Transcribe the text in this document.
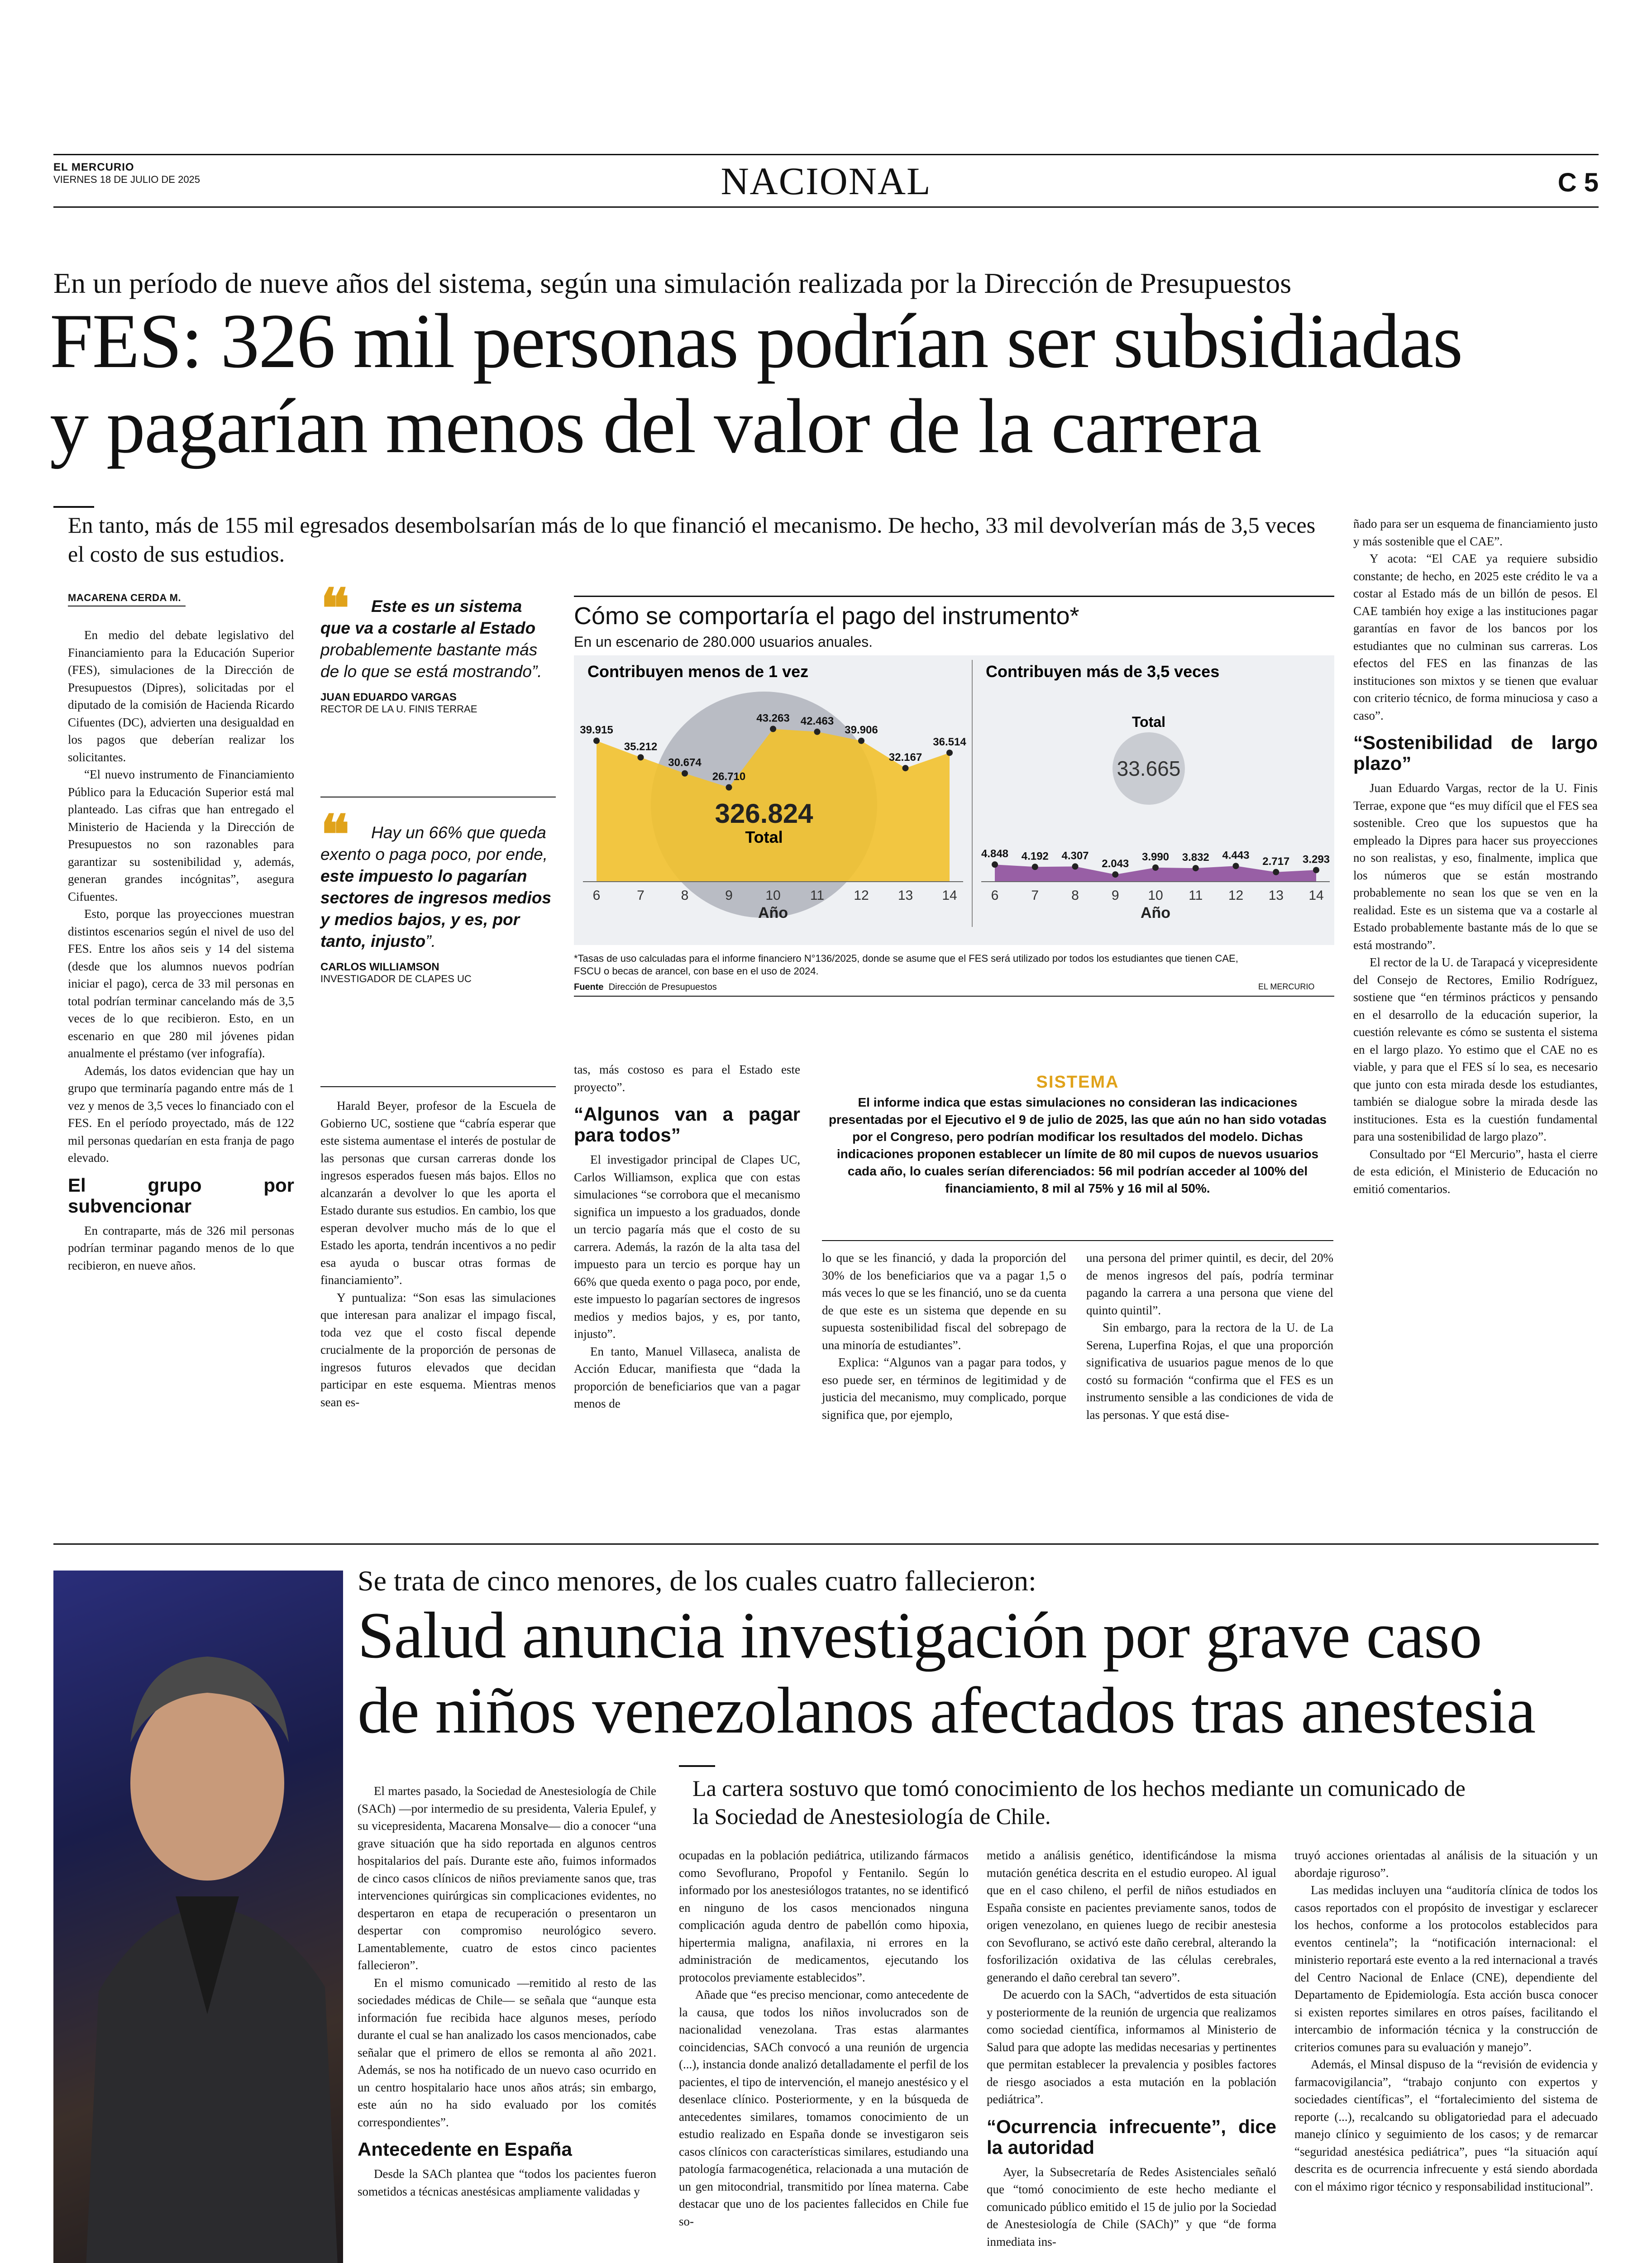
EL MERCURIO
VIERNES 18 DE JULIO DE 2025	NACIONAL	C 5
En un período de nueve años del sistema, según una simulación realizada por la Dirección de Presupuestos
FES: 326 mil personas podrían ser subsidiadas
y pagarían menos del valor de la carrera
En tanto, más de 155 mil egresados desembolsarían más de lo que financió el mecanismo. De hecho, 33 mil devolverían más de 3,5 veces el costo de sus estudios.
MACARENA CERDA M.

En medio del debate legislativo del Financiamiento para la Educación Superior (FES), simulaciones de la Dirección de Presupuestos (Dipres), solicitadas por el diputado de la comisión de Hacienda Ricardo Cifuentes (DC), advierten una desigualdad en los pagos que deberían realizar los solicitantes.

“El nuevo instrumento de Financiamiento Público para la Educación Superior está mal planteado. Las cifras que han entregado el Ministerio de Hacienda y la Dirección de Presupuestos no son razonables para garantizar su sostenibilidad y, además, generan grandes incógnitas”, asegura Cifuentes.

Esto, porque las proyecciones muestran distintos escenarios según el nivel de uso del FES. Entre los años seis y 14 del sistema (desde que los alumnos nuevos podrían iniciar el pago), cerca de 33 mil personas en total podrían terminar cancelando más de 3,5 veces de lo que recibieron. Esto, en un escenario en que 280 mil jóvenes pidan anualmente el préstamo (ver infografía).

Además, los datos evidencian que hay un grupo que terminaría pagando entre más de 1 vez y menos de 3,5 veces lo financiado con el FES. En el período proyectado, más de 122 mil personas quedarían en esta franja de pago elevado.

El grupo por subvencionar

En contraparte, más de 326 mil personas podrían terminar pagando menos de lo que recibieron, en nueve años.

❝	Este es un sistema que va a costarle al Estado probablemente bastante más de lo que se está mostrando”.
JUAN EDUARDO VARGAS
RECTOR DE LA U. FINIS TERRAE
❝	Hay un 66% que queda exento o paga poco, por ende, este impuesto lo pagarían sectores de ingresos medios y medios bajos, y es, por tanto, injusto”.
CARLOS WILLIAMSON
INVESTIGADOR DE CLAPES UC

Harald Beyer, profesor de la Escuela de Gobierno UC, sostiene que “cabría esperar que este sistema aumentase el interés de postular de las personas que cursan carreras donde los ingresos esperados fuesen más bajos. Ellos no alcanzarán a devolver lo que les aporta el Estado durante sus estudios. En cambio, los que esperan devolver mucho más de lo que el Estado les aporta, tendrán incentivos a no pedir esa ayuda o buscar otras formas de financiamiento”.

Y puntualiza: “Son esas las simulaciones que interesan para analizar el impago fiscal, toda vez que el costo fiscal depende crucialmente de la proporción de personas de ingresos futuros elevados que decidan participar en este esquema. Mientras menos sean es-

Cómo se comportaría el pago del instrumento*
En un escenario de 280.000 usuarios anuales.
Contribuyen menos de 1 vez	Contribuyen más de 3,5 veces
39.915
35.212
30.674
26.710
43.263 42.463
39.906
32.167
36.514
6	7	8	9 10 11 12 13 14
Año
326.824
Total
4.848 4.192 4.307
2.043
3.990 3.832 4.443 2.717 3.293
6 7 8 9 10 11 12 13 14
Año
Total
33.665
*Tasas de uso calculadas para el informe financiero N°136/2025, donde se asume que el FES será utilizado por todos los estudiantes que tienen CAE, FSCU o becas de arancel, con base en el uso de 2024.
Fuente Dirección de Presupuestos	EL MERCURIO

tas, más costoso es para el Estado este proyecto”.

“Algunos van a pagar para todos”

El investigador principal de Clapes UC, Carlos Williamson, explica que con estas simulaciones “se corrobora que el mecanismo significa un impuesto a los graduados, donde un tercio pagaría más que el costo de su carrera. Además, la razón de la alta tasa del impuesto para un tercio es porque hay un 66% que queda exento o paga poco, por ende, este impuesto lo pagarían sectores de ingresos medios y medios bajos, y es, por tanto, injusto”.

En tanto, Manuel Villaseca, analista de Acción Educar, manifiesta que “dada la proporción de beneficiarios que van a pagar menos de

SISTEMA
El informe indica que estas simulaciones no consideran las indicaciones presentadas por el Ejecutivo el 9 de julio de 2025, las que aún no han sido votadas por el Congreso, pero podrían modificar los resultados del modelo. Dichas indicaciones proponen establecer un límite de 80 mil cupos de nuevos usuarios cada año, lo cuales serían diferenciados: 56 mil podrían acceder al 100% del financiamiento, 8 mil al 75% y 16 mil al 50%.

lo que se les financió, y dada la proporción del 30% de los beneficiarios que va a pagar 1,5 o más veces lo que se les financió, uno se da cuenta de que este es un sistema que depende en su supuesta sostenibilidad fiscal del sobrepago de una minoría de estudiantes”.

Explica: “Algunos van a pagar para todos, y eso puede ser, en términos de legitimidad y de justicia del mecanismo, muy complicado, porque significa que, por ejemplo,

una persona del primer quintil, es decir, del 20% de menos ingresos del país, podría terminar pagando la carrera a una persona que viene del quinto quintil”.

Sin embargo, para la rectora de la U. de La Serena, Luperfina Rojas, el que una proporción significativa de usuarios pague menos de lo que costó su formación “confirma que el FES es un instrumento sensible a las condiciones de vida de las personas. Y que está dise-

ñado para ser un esquema de financiamiento justo y más sostenible que el CAE”.

Y acota: “El CAE ya requiere subsidio constante; de hecho, en 2025 este crédito le va a costar al Estado más de un billón de pesos. El CAE también hoy exige a las instituciones pagar garantías en favor de los bancos por los estudiantes que no culminan sus carreras. Los efectos del FES en las finanzas de las instituciones son mixtos y se tienen que evaluar con criterio técnico, de forma minuciosa y caso a caso”.

“Sostenibilidad de largo plazo”

Juan Eduardo Vargas, rector de la U. Finis Terrae, expone que “es muy difícil que el FES sea sostenible. Creo que los supuestos que ha empleado la Dipres para hacer sus proyecciones no son realistas, y eso, finalmente, implica que los números que se están mostrando probablemente no sean los que se ven en la realidad. Este es un sistema que va a costarle al Estado probablemente bastante más de lo que se está mostrando”.

El rector de la U. de Tarapacá y vicepresidente del Consejo de Rectores, Emilio Rodríguez, sostiene que “en términos prácticos y pensando en el desarrollo de la educación superior, la cuestión relevante es cómo se sustenta el sistema en el largo plazo. Yo estimo que el CAE no es viable, y para que el FES sí lo sea, es necesario que junto con esta mirada desde los estudiantes, también se dialogue sobre la mirada desde las instituciones. Esta es la cuestión fundamental para una sostenibilidad de largo plazo”.

Consultado por “El Mercurio”, hasta el cierre de esta edición, el Ministerio de Educación no emitió comentarios.

Se trata de cinco menores, de los cuales cuatro fallecieron:
Salud anuncia investigación por grave caso
de niños venezolanos afectados tras anestesia
La cartera sostuvo que tomó conocimiento de los hechos mediante un comunicado de la Sociedad de Anestesiología de Chile.

El martes pasado, la Sociedad de Anestesiología de Chile (SACh) —por intermedio de su presidenta, Valeria Epulef, y su vicepresidenta, Macarena Monsalve— dio a conocer “una grave situación que ha sido reportada en algunos centros hospitalarios del país. Durante este año, fuimos informados de cinco casos clínicos de niños previamente sanos que, tras intervenciones quirúrgicas sin complicaciones evidentes, no despertaron en etapa de recuperación o presentaron un despertar con compromiso neurológico severo. Lamentablemente, cuatro de estos cinco pacientes fallecieron”.

En el mismo comunicado —remitido al resto de las sociedades médicas de Chile— se señala que “aunque esta información fue recibida hace algunos meses, período durante el cual se han analizado los casos mencionados, cabe señalar que el primero de ellos se remonta al año 2021. Además, se nos ha notificado de un nuevo caso ocurrido en un centro hospitalario hace unos años atrás; sin embargo, este aún no ha sido evaluado por los comités correspondientes”.

Antecedente en España

Desde la SACh plantea que “todos los pacientes fueron sometidos a técnicas anestésicas ampliamente validadas y

ocupadas en la población pediátrica, utilizando fármacos como Sevoflurano, Propofol y Fentanilo. Según lo informado por los anestesiólogos tratantes, no se identificó en ninguno de los casos mencionados ninguna complicación aguda dentro de pabellón como hipoxia, hipertermia maligna, anafilaxia, ni errores en la administración de medicamentos, ejecutando los protocolos previamente establecidos”.

Añade que “es preciso mencionar, como antecedente de la causa, que todos los niños involucrados son de nacionalidad venezolana. Tras estas alarmantes coincidencias, SACh convocó a una reunión de urgencia (...), instancia donde analizó detalladamente el perfil de los pacientes, el tipo de intervención, el manejo anestésico y el desenlace clínico. Posteriormente, y en la búsqueda de antecedentes similares, tomamos conocimiento de un estudio realizado en España donde se investigaron seis casos clínicos con características similares, estudiando una patología farmacogenética, relacionada a una mutación de un gen mitocondrial, transmitido por línea materna. Cabe destacar que uno de los pacientes fallecidos en Chile fue so-

metido a análisis genético, identificándose la misma mutación genética descrita en el estudio europeo. Al igual que en el caso chileno, el perfil de niños estudiados en España consiste en pacientes previamente sanos, todos de origen venezolano, en quienes luego de recibir anestesia con Sevoflurano, se activó este daño cerebral, alterando la fosforilización oxidativa de las células cerebrales, generando el daño cerebral tan severo”.

De acuerdo con la SACh, “advertidos de esta situación y posteriormente de la reunión de urgencia que realizamos como sociedad científica, informamos al Ministerio de Salud para que adopte las medidas necesarias y pertinentes que permitan establecer la prevalencia y posibles factores de riesgo asociados a esta mutación en la población pediátrica”.

“Ocurrencia infrecuente”, dice la autoridad

Ayer, la Subsecretaría de Redes Asistenciales señaló que “tomó conocimiento de este hecho mediante el comunicado público emitido el 15 de julio por la Sociedad de Anestesiología de Chile (SACh)” y que “de forma inmediata ins-

truyó acciones orientadas al análisis de la situación y un abordaje riguroso”.

Las medidas incluyen una “auditoría clínica de todos los casos reportados con el propósito de investigar y esclarecer los hechos, conforme a los protocolos establecidos para eventos centinela”; la “notificación internacional: el ministerio reportará este evento a la red internacional a través del Centro Nacional de Enlace (CNE), dependiente del Departamento de Epidemiología. Esta acción busca conocer si existen reportes similares en otros países, facilitando el intercambio de información técnica y la construcción de criterios comunes para su evaluación y manejo”.

Además, el Minsal dispuso de la “revisión de evidencia y farmacovigilancia”, “trabajo conjunto con expertos y sociedades científicas”, el “fortalecimiento del sistema de reporte (...), recalcando su obligatoriedad para el adecuado manejo clínico y seguimiento de los casos; y de remarcar “seguridad anestésica pediátrica”, pues “la situación aquí descrita es de ocurrencia infrecuente y está siendo abordada con el máximo rigor técnico y responsabilidad institucional”.
